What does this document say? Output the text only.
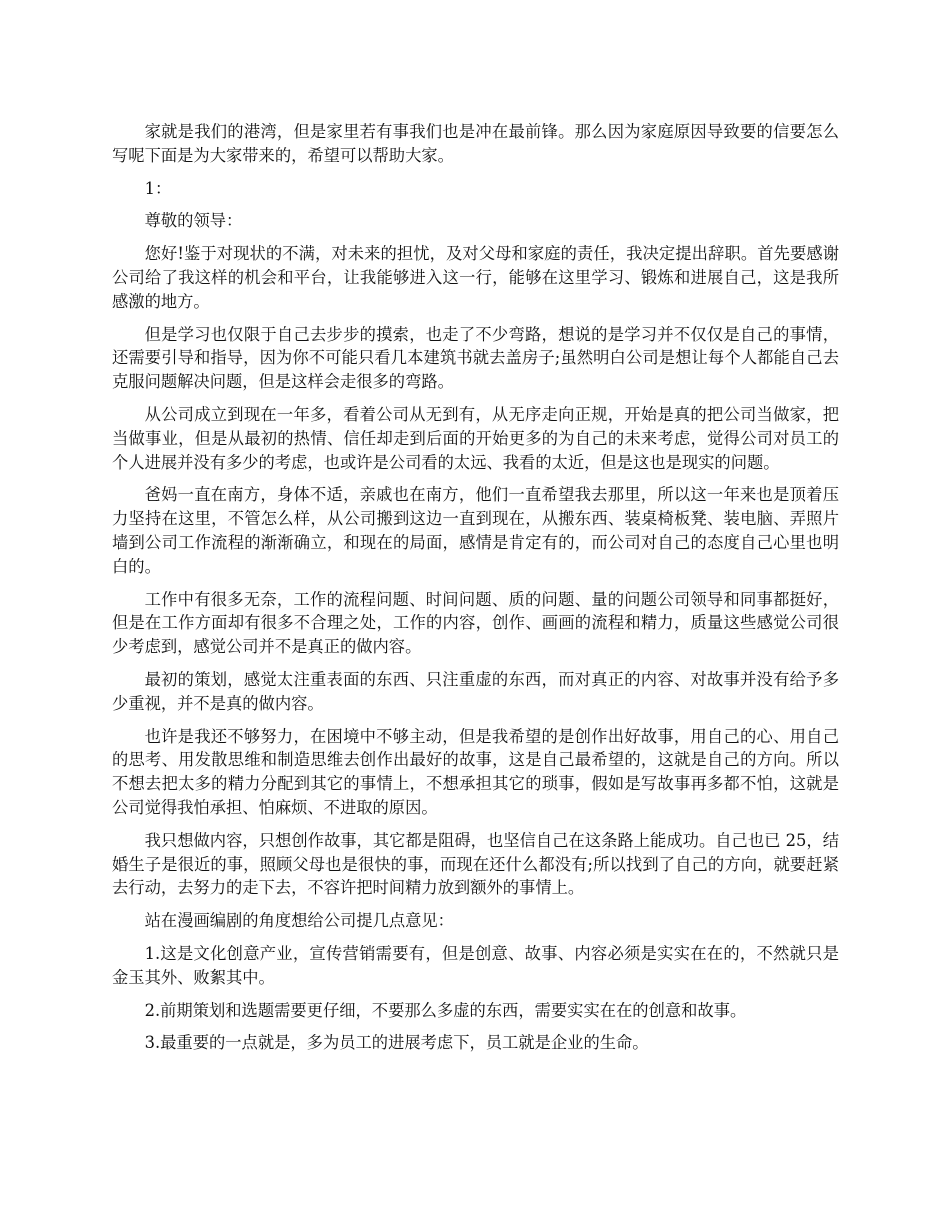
家就是我们的港湾，但是家里若有事我们也是冲在最前锋。那么因为家庭原因导致要的信要怎么写呢下面是为大家带来的，希望可以帮助大家。

1：

尊敬的领导：

您好!鉴于对现状的不满，对未来的担忧，及对父母和家庭的责任，我决定提出辞职。首先要感谢公司给了我这样的机会和平台，让我能够进入这一行，能够在这里学习、锻炼和进展自己，这是我所感激的地方。

但是学习也仅限于自己去步步的摸索，也走了不少弯路，想说的是学习并不仅仅是自己的事情，还需要引导和指导，因为你不可能只看几本建筑书就去盖房子;虽然明白公司是想让每个人都能自己去克服问题解决问题，但是这样会走很多的弯路。

从公司成立到现在一年多，看着公司从无到有，从无序走向正规，开始是真的把公司当做家，把当做事业，但是从最初的热情、信任却走到后面的开始更多的为自己的未来考虑，觉得公司对员工的个人进展并没有多少的考虑，也或许是公司看的太远、我看的太近，但是这也是现实的问题。

爸妈一直在南方，身体不适，亲戚也在南方，他们一直希望我去那里，所以这一年来也是顶着压力坚持在这里，不管怎么样，从公司搬到这边一直到现在，从搬东西、装桌椅板凳、装电脑、弄照片墙到公司工作流程的渐渐确立，和现在的局面，感情是肯定有的，而公司对自己的态度自己心里也明白的。

工作中有很多无奈，工作的流程问题、时间问题、质的问题、量的问题公司领导和同事都挺好，但是在工作方面却有很多不合理之处，工作的内容，创作、画画的流程和精力，质量这些感觉公司很少考虑到，感觉公司并不是真正的做内容。

最初的策划，感觉太注重表面的东西、只注重虚的东西，而对真正的内容、对故事并没有给予多少重视，并不是真的做内容。

也许是我还不够努力，在困境中不够主动，但是我希望的是创作出好故事，用自己的心、用自己的思考、用发散思维和制造思维去创作出最好的故事，这是自己最希望的，这就是自己的方向。所以不想去把太多的精力分配到其它的事情上，不想承担其它的琐事，假如是写故事再多都不怕，这就是公司觉得我怕承担、怕麻烦、不进取的原因。

我只想做内容，只想创作故事，其它都是阻碍，也坚信自己在这条路上能成功。自己也已 25，结婚生子是很近的事，照顾父母也是很快的事，而现在还什么都没有;所以找到了自己的方向，就要赶紧去行动，去努力的走下去，不容许把时间精力放到额外的事情上。

站在漫画编剧的角度想给公司提几点意见：

1.这是文化创意产业，宣传营销需要有，但是创意、故事、内容必须是实实在在的，不然就只是金玉其外、败絮其中。

2.前期策划和选题需要更仔细，不要那么多虚的东西，需要实实在在的创意和故事。

3.最重要的一点就是，多为员工的进展考虑下，员工就是企业的生命。
